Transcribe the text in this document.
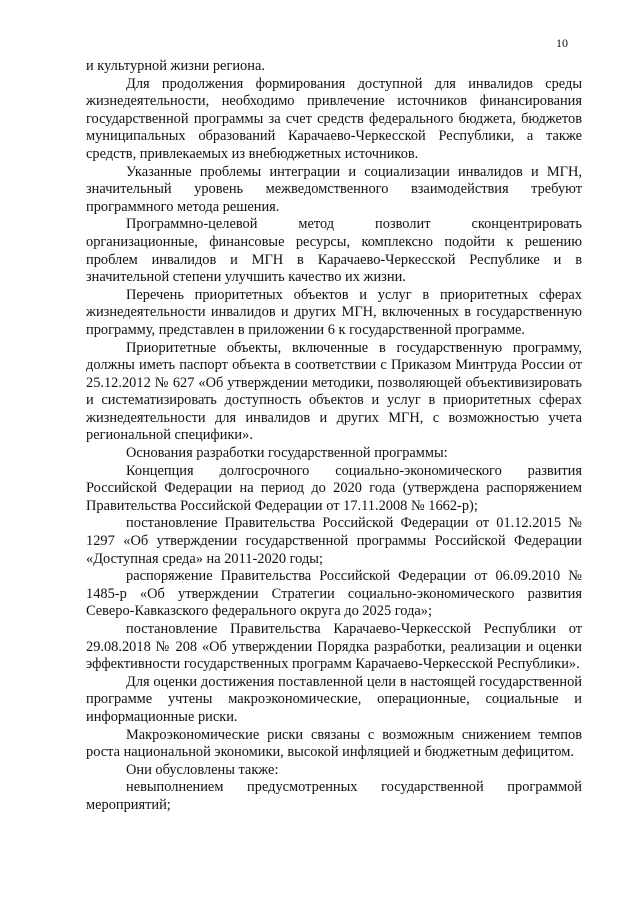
10

и культурной жизни региона.

Для продолжения формирования доступной для инвалидов среды жизнедеятельности, необходимо привлечение источников финансирования государственной программы за счет средств федерального бюджета, бюджетов муниципальных образований Карачаево-Черкесской Республики, а также средств, привлекаемых из внебюджетных источников.

Указанные проблемы интеграции и социализации инвалидов и МГН, значительный уровень межведомственного взаимодействия требуют программного метода решения.

Программно-целевой метод позволит сконцентрировать организационные, финансовые ресурсы, комплексно подойти к решению проблем инвалидов и МГН в Карачаево-Черкесской Республике и в значительной степени улучшить качество их жизни.

Перечень приоритетных объектов и услуг в приоритетных сферах жизнедеятельности инвалидов и других МГН, включенных в государственную программу, представлен в приложении 6 к государственной программе.

Приоритетные объекты, включенные в государственную программу, должны иметь паспорт объекта в соответствии с Приказом Минтруда России от 25.12.2012 № 627 «Об утверждении методики, позволяющей объективизировать и систематизировать доступность объектов и услуг в приоритетных сферах жизнедеятельности для инвалидов и других МГН, с возможностью учета региональной специфики».

Основания разработки государственной программы:

Концепция долгосрочного социально-экономического развития Российской Федерации на период до 2020 года (утверждена распоряжением Правительства Российской Федерации от 17.11.2008 № 1662-р);

постановление Правительства Российской Федерации от 01.12.2015 № 1297 «Об утверждении государственной программы Российской Федерации «Доступная среда» на 2011-2020 годы;

распоряжение Правительства Российской Федерации от 06.09.2010 № 1485-р «Об утверждении Стратегии социально-экономического развития Северо-Кавказского федерального округа до 2025 года»;

постановление Правительства Карачаево-Черкесской Республики от 29.08.2018 № 208 «Об утверждении Порядка разработки, реализации и оценки эффективности государственных программ Карачаево-Черкесской Республики».

Для оценки достижения поставленной цели в настоящей государственной программе учтены макроэкономические, операционные, социальные и информационные риски.

Макроэкономические риски связаны с возможным снижением темпов роста национальной экономики, высокой инфляцией и бюджетным дефицитом.

Они обусловлены также:

невыполнением предусмотренных государственной программой мероприятий;
